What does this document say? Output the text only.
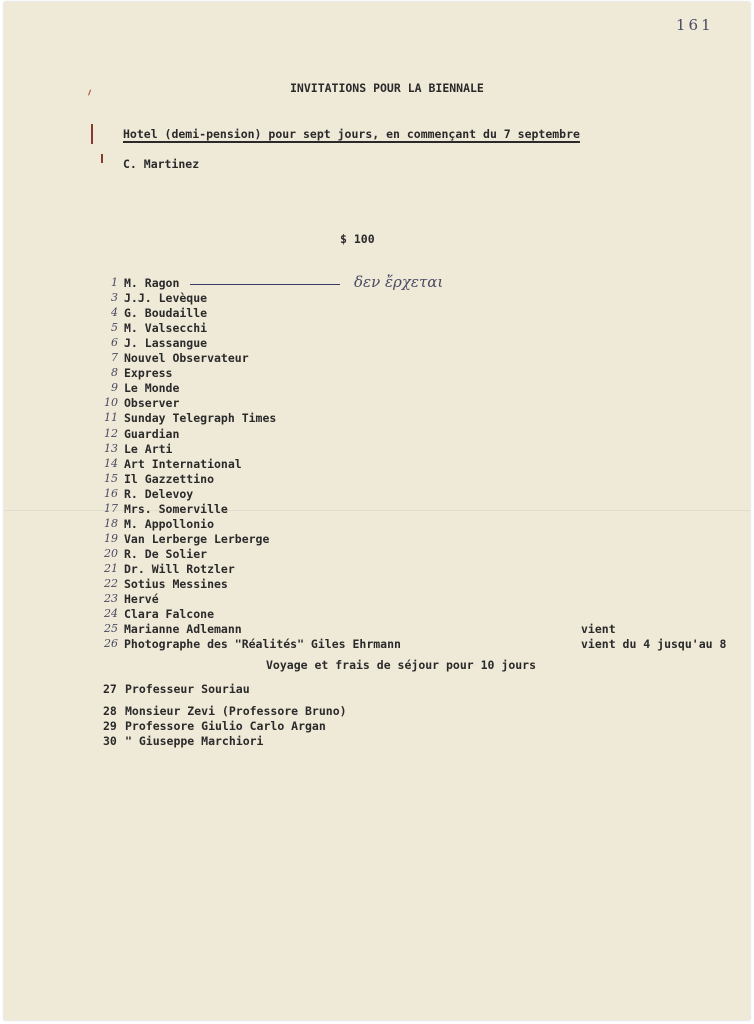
161
INVITATIONS POUR LA BIENNALE
Hotel (demi-pension) pour sept jours, en commençant du 7 septembre
C. Martinez
$ 100
δεν ἔρχεται
Voyage et frais de séjour pour 10 jours
1 M. Ragon
3 J.J. Levèque
4 G. Boudaille
5 M. Valsecchi
6 J. Lassangue
7 Nouvel Observateur
8 Express
9 Le Monde
10 Observer
11 Sunday Telegraph Times
12 Guardian
13 Le Arti
14 Art International
15 Il Gazzettino
16 R. Delevoy
17 Mrs. Somerville
18 M. Appollonio
19 Van Lerberge Lerberge
20 R. De Solier
21 Dr. Will Rotzler
22 Sotius Messines
23 Hervé
24 Clara Falcone
25 Marianne Adlemann	vient
26 Photographe des "Réalités" Giles Ehrmann	vient du 4 jusqu'au 8
27 Professeur Souriau
28 Monsieur Zevi (Professore Bruno)
29 Professore Giulio Carlo Argan
30 " Giuseppe Marchiori
